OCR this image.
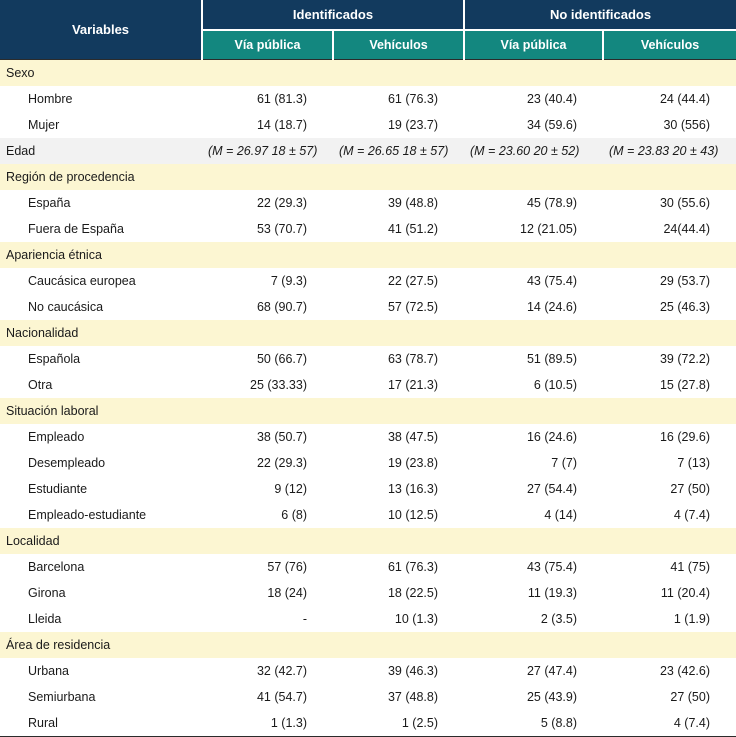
Variables	Identificados		No identificados	
	Vía pública	Vehículos	Vía pública	Vehículos
Sexo				
Hombre	61 (81.3)	61 (76.3)	23 (40.4)	24 (44.4)
Mujer	14 (18.7)	19 (23.7)	34 (59.6)	30 (556)
Edad	(M = 26.97 18 ± 57)	(M = 26.65 18 ± 57)	(M = 23.60 20 ± 52)	(M = 23.83 20 ± 43)
Región de procedencia				
España	22 (29.3)	39 (48.8)	45 (78.9)	30 (55.6)
Fuera de España	53 (70.7)	41 (51.2)	12 (21.05)	24(44.4)
Apariencia étnica				
Caucásica europea	7 (9.3)	22 (27.5)	43 (75.4)	29 (53.7)
No caucásica	68 (90.7)	57 (72.5)	14 (24.6)	25 (46.3)
Nacionalidad				
Española	50 (66.7)	63 (78.7)	51 (89.5)	39 (72.2)
Otra	25 (33.33)	17 (21.3)	6 (10.5)	15 (27.8)
Situación laboral				
Empleado	38 (50.7)	38 (47.5)	16 (24.6)	16 (29.6)
Desempleado	22 (29.3)	19 (23.8)	7 (7)	7 (13)
Estudiante	9 (12)	13 (16.3)	27 (54.4)	27 (50)
Empleado-estudiante	6 (8)	10 (12.5)	4 (14)	4 (7.4)
Localidad				
Barcelona	57 (76)	61 (76.3)	43 (75.4)	41 (75)
Girona	18 (24)	18 (22.5)	11 (19.3)	11 (20.4)
Lleida	-	10 (1.3)	2 (3.5)	1 (1.9)
Área de residencia				
Urbana	32 (42.7)	39 (46.3)	27 (47.4)	23 (42.6)
Semiurbana	41 (54.7)	37 (48.8)	25 (43.9)	27 (50)
Rural	1 (1.3)	1 (2.5)	5 (8.8)	4 (7.4)
